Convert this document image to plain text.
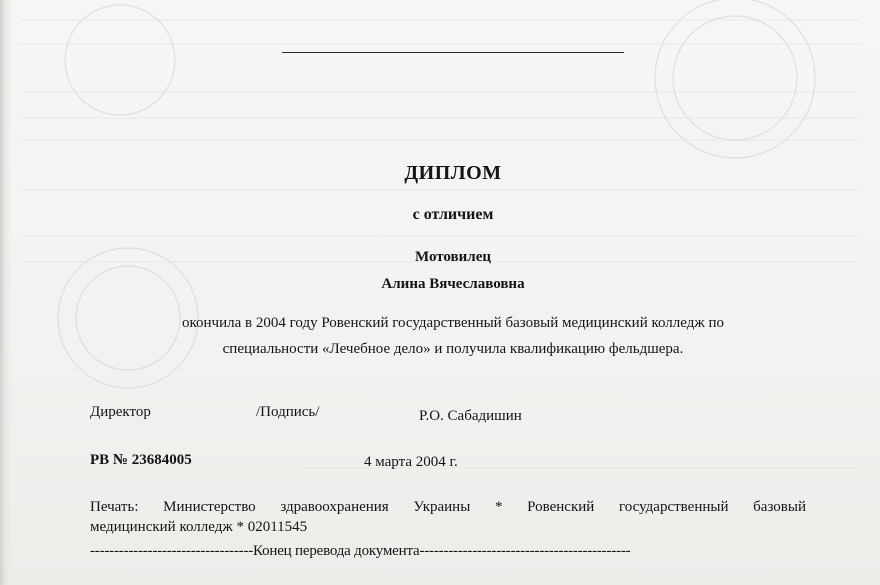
ДИПЛОМ
с отличием
Мотовилец
Алина Вячеславовна
окончила в 2004 году Ровенский государственный базовый медицинский колледж по
специальности «Лечебное дело» и получила квалификацию фельдшера.
Директор	/Подпись/	Р.О. Сабадишин
РВ № 23684005	4 марта 2004 г.
Печать: Министерство здравоохранения Украины * Ровенский государственный базовый
медицинский колледж * 02011545
----------------------------------Конец перевода документа--------------------------------------------
